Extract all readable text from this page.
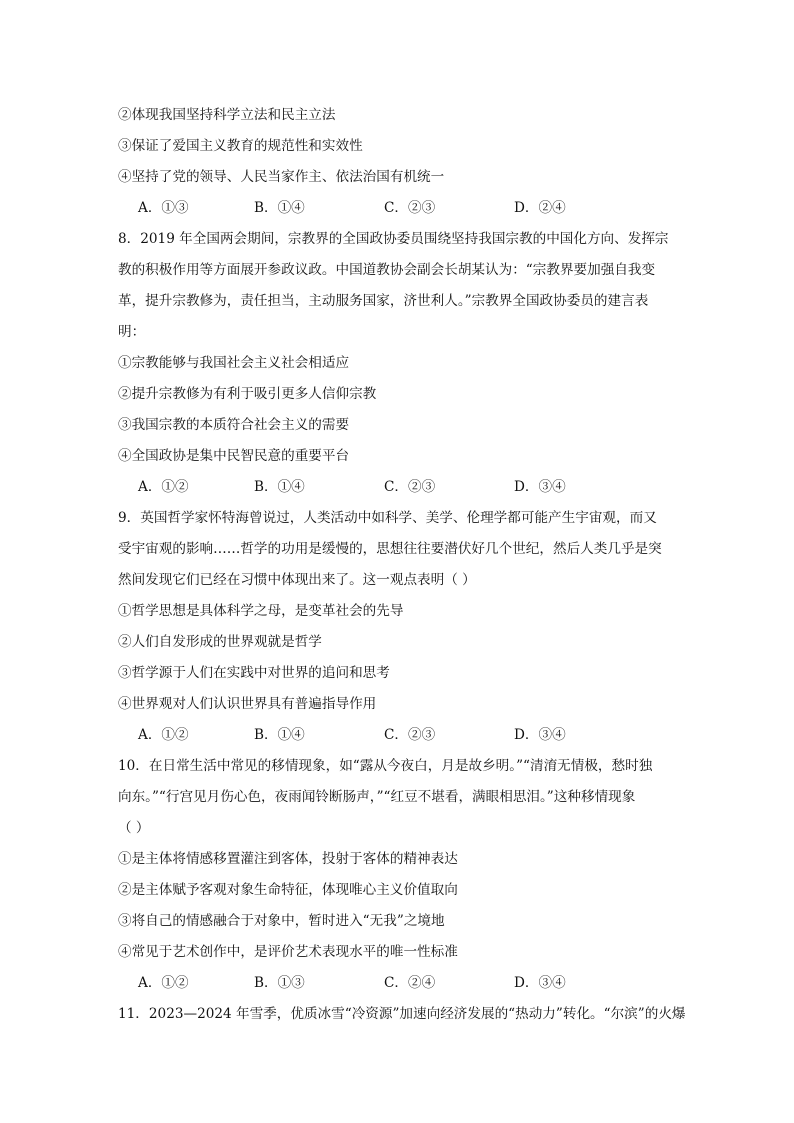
②体现我国坚持科学立法和民主立法
③保证了爱国主义教育的规范性和实效性
④坚持了党的领导、人民当家作主、依法治国有机统一
A．①③	B．①④	C．②③	D．②④
8．2019 年全国两会期间，宗教界的全国政协委员围绕坚持我国宗教的中国化方向、发挥宗
教的积极作用等方面展开参政议政。中国道教协会副会长胡某认为：“宗教界要加强自我变
革，提升宗教修为，责任担当，主动服务国家，济世利人。”宗教界全国政协委员的建言表
明：
①宗教能够与我国社会主义社会相适应
②提升宗教修为有利于吸引更多人信仰宗教
③我国宗教的本质符合社会主义的需要
④全国政协是集中民智民意的重要平台
A．①②	B．①④	C．②③	D．③④
9．英国哲学家怀特海曾说过，人类活动中如科学、美学、伦理学都可能产生宇宙观，而又
受宇宙观的影响……哲学的功用是缓慢的，思想往往要潜伏好几个世纪，然后人类几乎是突
然间发现它们已经在习惯中体现出来了。这一观点表明（ ）
①哲学思想是具体科学之母，是变革社会的先导
②人们自发形成的世界观就是哲学
③哲学源于人们在实践中对世界的追问和思考
④世界观对人们认识世界具有普遍指导作用
A．①②	B．①④	C．②③	D．③④
10．在日常生活中常见的移情现象，如“露从今夜白，月是故乡明。”“清淯无情极，愁时独
向东。”“行宫见月伤心色，夜雨闻铃断肠声，”“红豆不堪看，满眼相思泪。”这种移情现象
（ ）
①是主体将情感移置灌注到客体，投射于客体的精神表达
②是主体赋予客观对象生命特征，体现唯心主义价值取向
③将自己的情感融合于对象中，暂时进入“无我”之境地
④常见于艺术创作中，是评价艺术表现水平的唯一性标准
A．①②	B．①③	C．②④	D．③④
11．2023—2024 年雪季，优质冰雪“冷资源”加速向经济发展的“热动力”转化。“尔滨”的火爆
